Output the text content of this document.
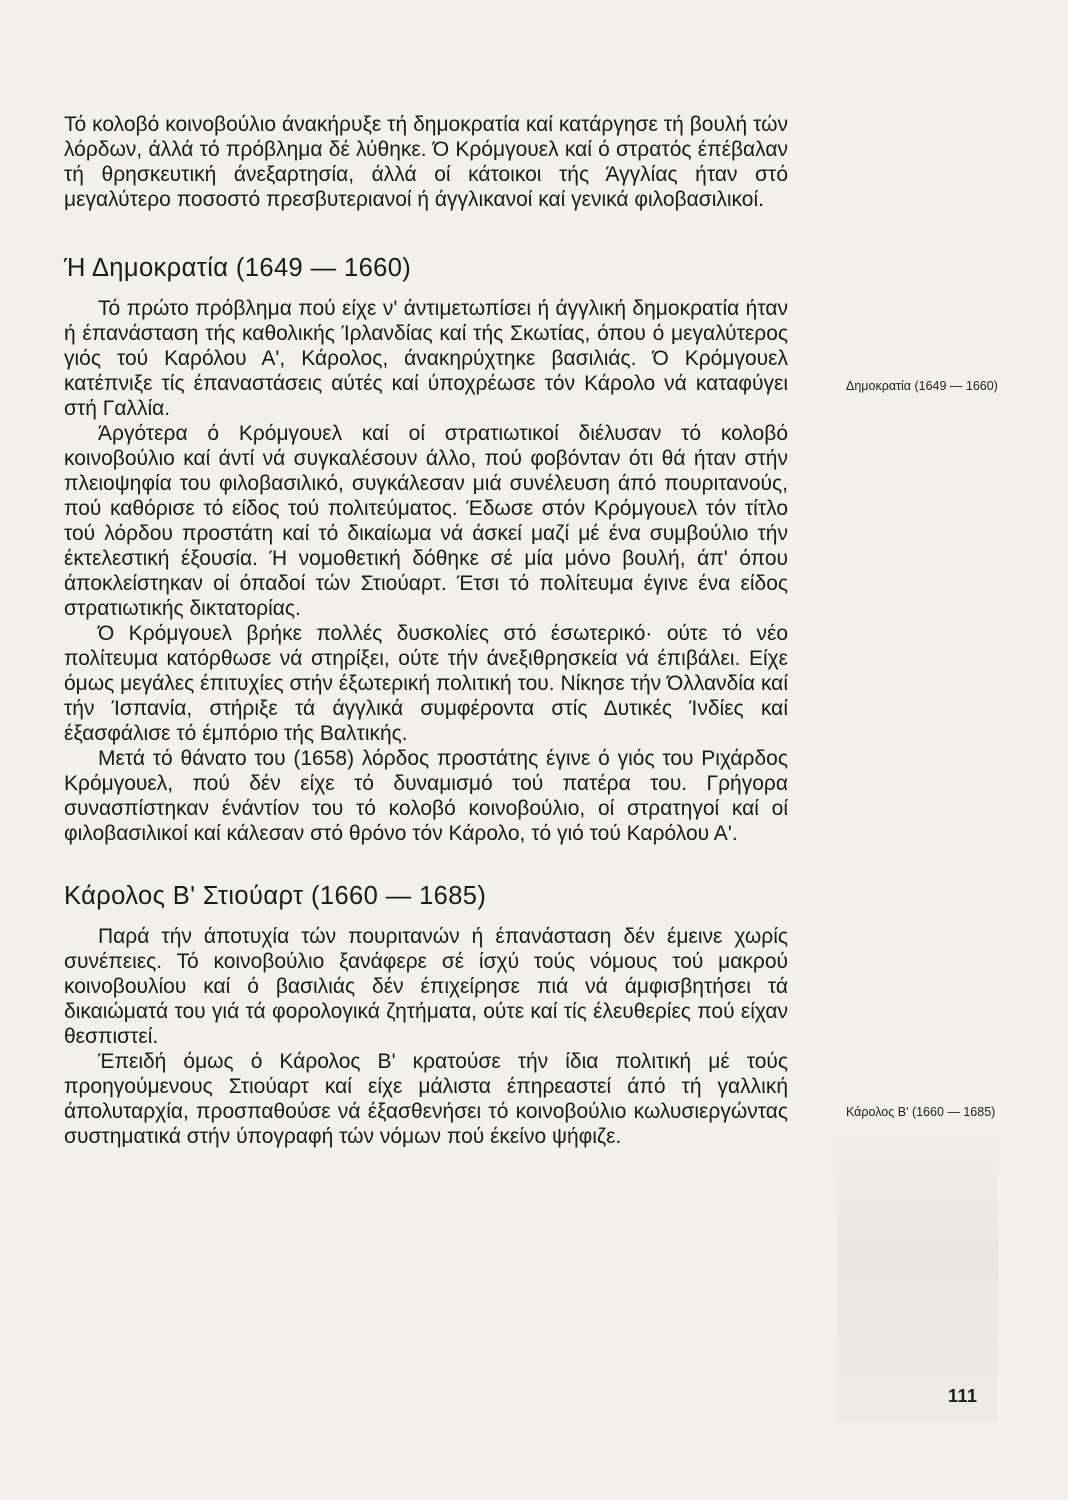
Τό κολοβό κοινοβούλιο άνακήρυξε τή δημοκρατία καί κατάργησε τή βουλή τών λόρδων, άλλά τό πρόβλημα δέ λύθηκε. Ό Κρόμγουελ καί ό στρατός έπέβαλαν τή θρησκευτική άνεξαρτησία, άλλά οί κάτοικοι τής Άγγλίας ήταν στό μεγαλύτερο ποσοστό πρεσβυτεριανοί ή άγγλικανοί καί γενικά φιλοβασιλικοί.

Ή Δημοκρατία (1649 — 1660)

Τό πρώτο πρόβλημα πού είχε ν' άντιμετωπίσει ή άγγλική δημοκρατία ήταν ή έπανάσταση τής καθολικής Ίρλανδίας καί τής Σκωτίας, όπου ό μεγαλύτερος γιός τού Καρόλου Α', Κάρολος, άνακηρύχτηκε βασιλιάς. Ό Κρόμγουελ κατέπνιξε τίς έπαναστάσεις αύτές καί ύποχρέωσε τόν Κάρολο νά καταφύγει στή Γαλλία.

Άργότερα ό Κρόμγουελ καί οί στρατιωτικοί διέλυσαν τό κολοβό κοινοβούλιο καί άντί νά συγκαλέσουν άλλο, πού φοβόνταν ότι θά ήταν στήν πλειοψηφία του φιλοβασιλικό, συγκάλεσαν μιά συνέλευση άπό πουριτανούς, πού καθόρισε τό είδος τού πολιτεύματος. Έδωσε στόν Κρόμγουελ τόν τίτλο τού λόρδου προστάτη καί τό δικαίωμα νά άσκεί μαζί μέ ένα συμβούλιο τήν έκτελεστική έξουσία. Ή νομοθετική δόθηκε σέ μία μόνο βουλή, άπ' όπου άποκλείστηκαν οί όπαδοί τών Στιούαρτ. Έτσι τό πολίτευμα έγινε ένα είδος στρατιωτικής δικτατορίας.

Ό Κρόμγουελ βρήκε πολλές δυσκολίες στό έσωτερικό· ούτε τό νέο πολίτευμα κατόρθωσε νά στηρίξει, ούτε τήν άνεξιθρησκεία νά έπιβάλει. Είχε όμως μεγάλες έπιτυχίες στήν έξωτερική πολιτική του. Νίκησε τήν Όλλανδία καί τήν Ίσπανία, στήριξε τά άγγλικά συμφέροντα στίς Δυτικές Ίνδίες καί έξασφάλισε τό έμπόριο τής Βαλτικής.

Μετά τό θάνατο του (1658) λόρδος προστάτης έγινε ό γιός του Ριχάρδος Κρόμγουελ, πού δέν είχε τό δυναμισμό τού πατέρα του. Γρήγορα συνασπίστηκαν ένάντίον του τό κολοβό κοινοβούλιο, οί στρατηγοί καί οί φιλοβασιλικοί καί κάλεσαν στό θρόνο τόν Κάρολο, τό γιό τού Καρόλου Α'.

Κάρολος Β' Στιούαρτ (1660 — 1685)

Παρά τήν άποτυχία τών πουριτανών ή έπανάσταση δέν έμεινε χωρίς συνέπειες. Τό κοινοβούλιο ξανάφερε σέ ίσχύ τούς νόμους τού μακρού κοινοβουλίου καί ό βασιλιάς δέν έπιχείρησε πιά νά άμφισβητήσει τά δικαιώματά του γιά τά φορολογικά ζητήματα, ούτε καί τίς έλευθερίες πού είχαν θεσπιστεί.

Έπειδή όμως ό Κάρολος Β' κρατούσε τήν ίδια πολιτική μέ τούς προηγούμενους Στιούαρτ καί είχε μάλιστα έπηρεαστεί άπό τή γαλλική άπολυταρχία, προσπαθούσε νά έξασθενήσει τό κοινοβούλιο κωλυσιεργώντας συστηματικά στήν ύπογραφή τών νόμων πού έκείνο ψήφιζε.

Δημοκρατία (1649 — 1660)
Κάρολος Β' (1660 — 1685)
111
